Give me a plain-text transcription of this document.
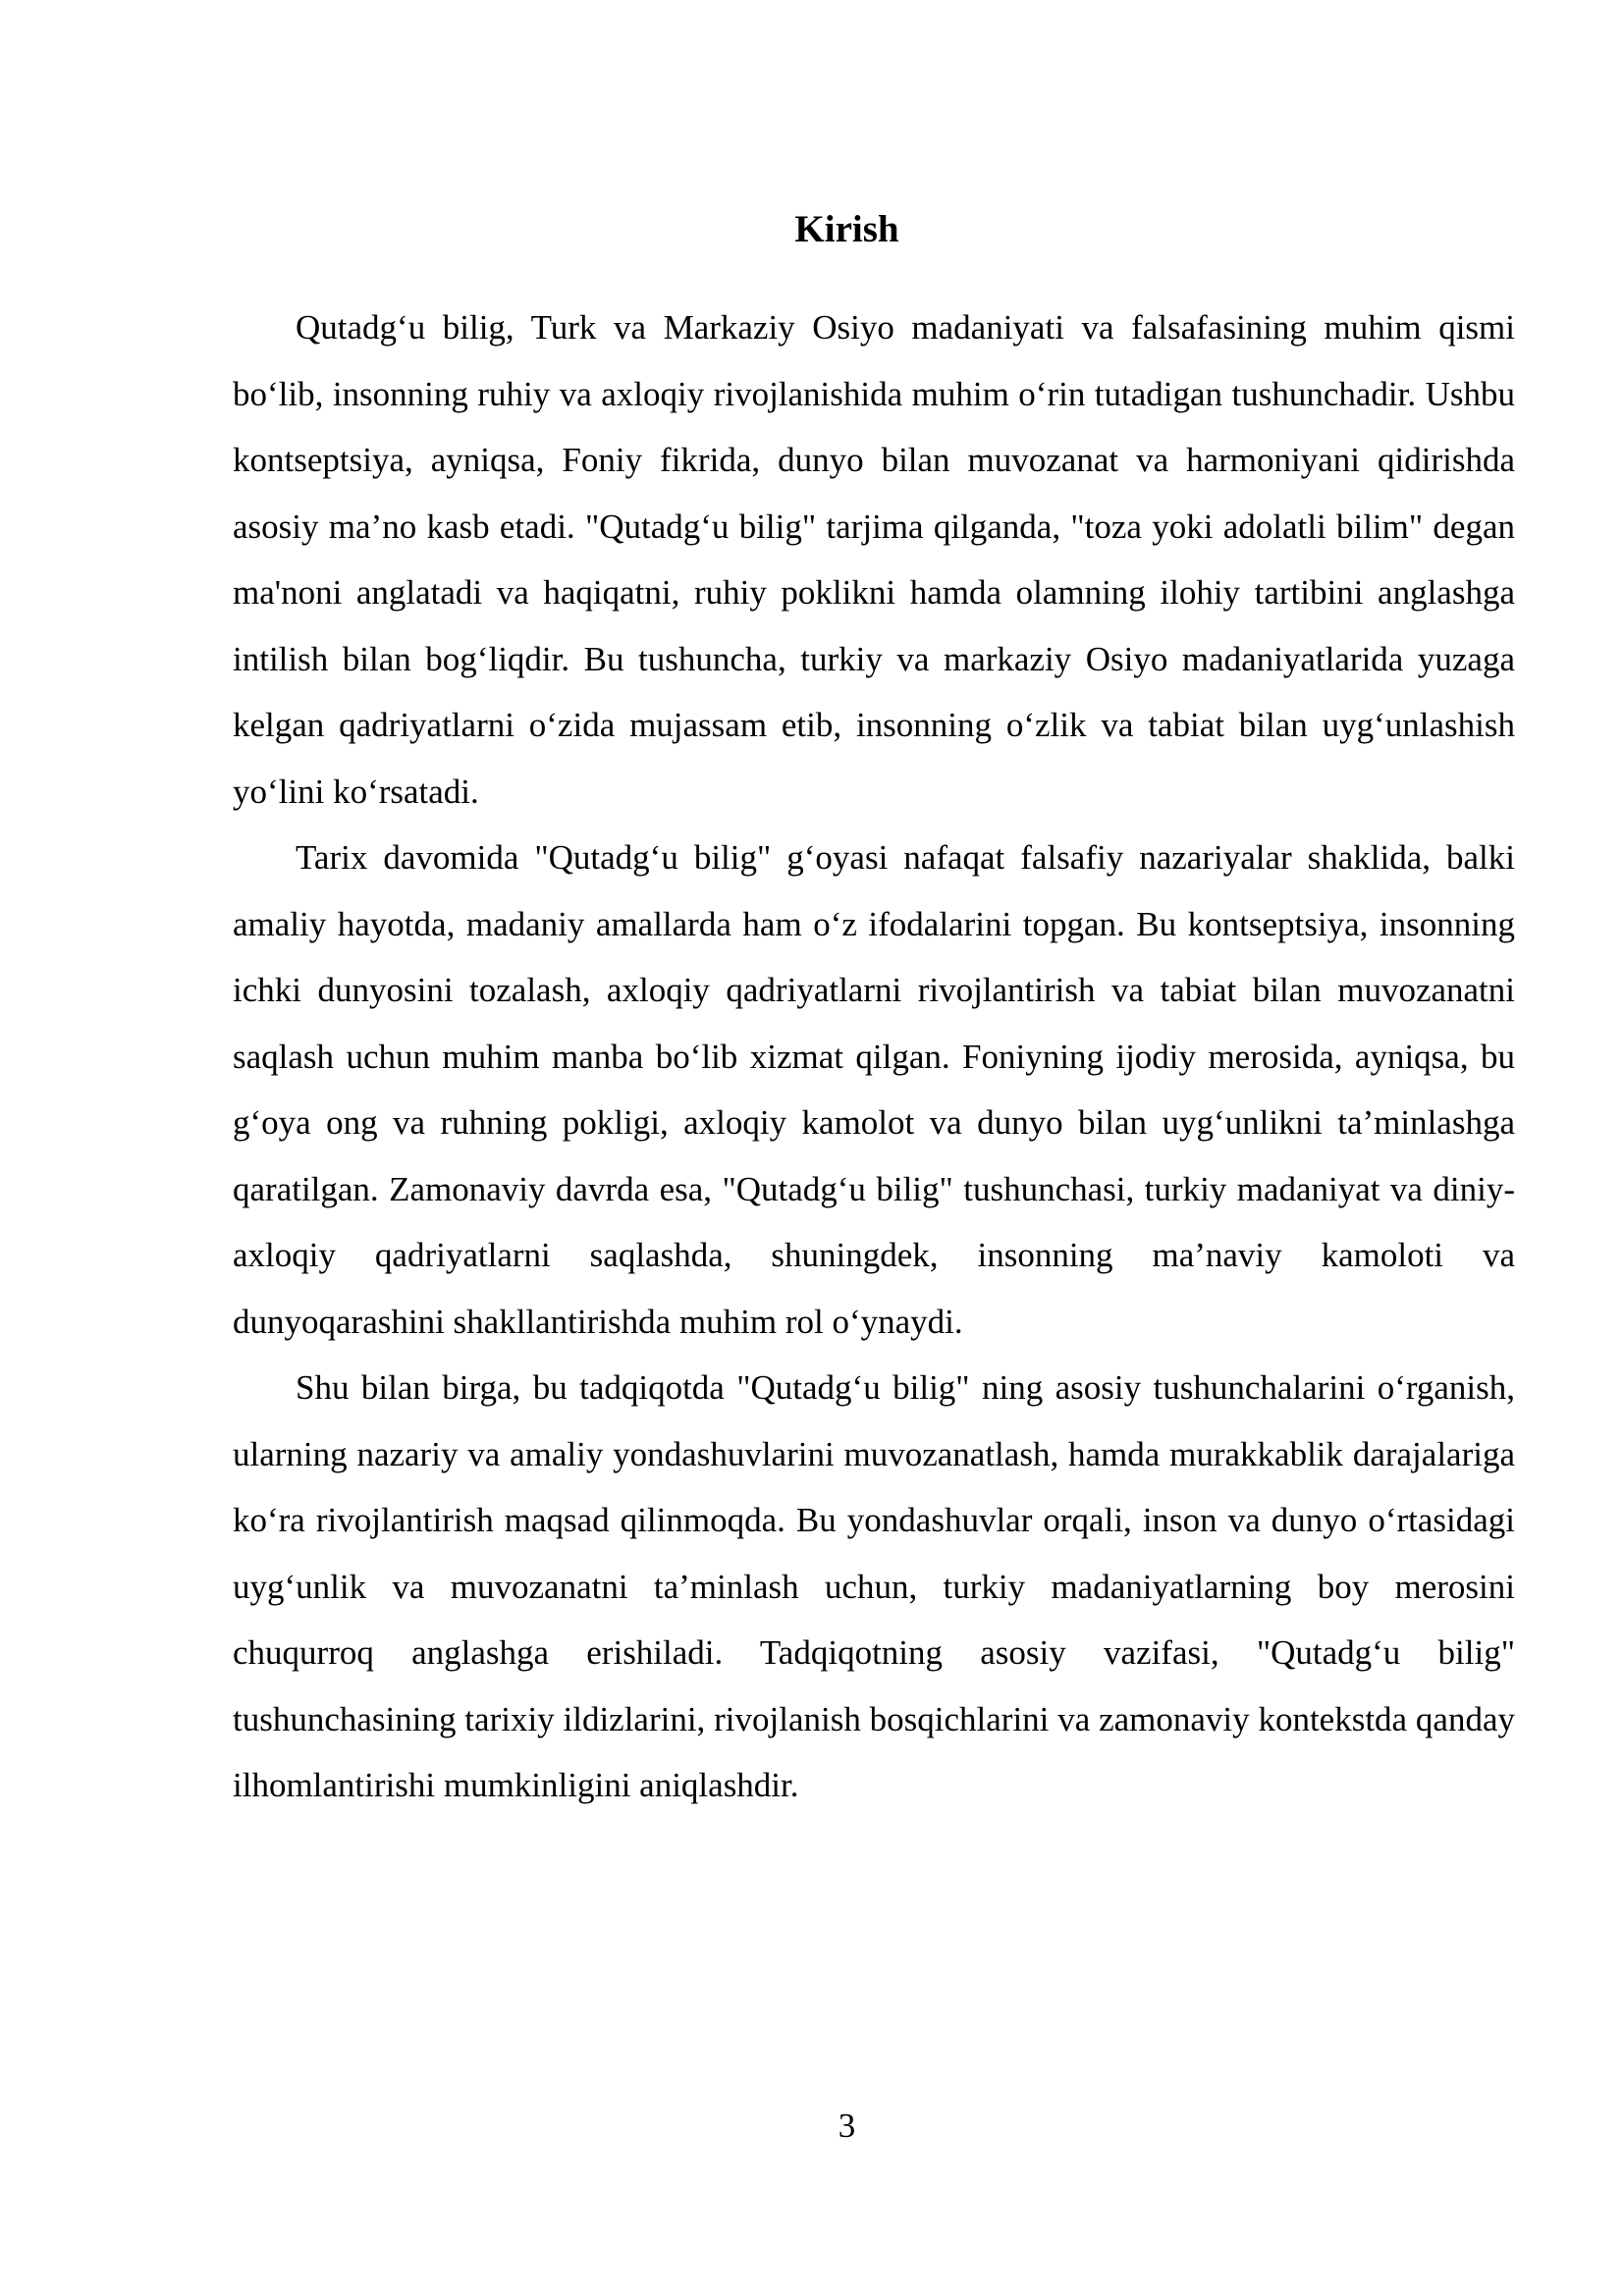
Kirish

Qutadg‘u bilig, Turk va Markaziy Osiyo madaniyati va falsafasining muhim qismi bo‘lib, insonning ruhiy va axloqiy rivojlanishida muhim o‘rin tutadigan tushunchadir. Ushbu kontseptsiya, ayniqsa, Foniy fikrida, dunyo bilan muvozanat va harmoniyani qidirishda asosiy ma’no kasb etadi. "Qutadg‘u bilig" tarjima qilganda, "toza yoki adolatli bilim" degan ma'noni anglatadi va haqiqatni, ruhiy poklikni hamda olamning ilohiy tartibini anglashga intilish bilan bog‘liqdir. Bu tushuncha, turkiy va markaziy Osiyo madaniyatlarida yuzaga kelgan qadriyatlarni o‘zida mujassam etib, insonning o‘zlik va tabiat bilan uyg‘unlashish yo‘lini ko‘rsatadi.

Tarix davomida "Qutadg‘u bilig" g‘oyasi nafaqat falsafiy nazariyalar shaklida, balki amaliy hayotda, madaniy amallarda ham o‘z ifodalarini topgan. Bu kontseptsiya, insonning ichki dunyosini tozalash, axloqiy qadriyatlarni rivojlantirish va tabiat bilan muvozanatni saqlash uchun muhim manba bo‘lib xizmat qilgan. Foniyning ijodiy merosida, ayniqsa, bu g‘oya ong va ruhning pokligi, axloqiy kamolot va dunyo bilan uyg‘unlikni ta’minlashga qaratilgan. Zamonaviy davrda esa, "Qutadg‘u bilig" tushunchasi, turkiy madaniyat va diniy-axloqiy qadriyatlarni saqlashda, shuningdek, insonning ma’naviy kamoloti va dunyoqarashini shakllantirishda muhim rol o‘ynaydi.

Shu bilan birga, bu tadqiqotda "Qutadg‘u bilig" ning asosiy tushunchalarini o‘rganish, ularning nazariy va amaliy yondashuvlarini muvozanatlash, hamda murakkablik darajalariga ko‘ra rivojlantirish maqsad qilinmoqda. Bu yondashuvlar orqali, inson va dunyo o‘rtasidagi uyg‘unlik va muvozanatni ta’minlash uchun, turkiy madaniyatlarning boy merosini chuqurroq anglashga erishiladi. Tadqiqotning asosiy vazifasi, "Qutadg‘u bilig" tushunchasining tarixiy ildizlarini, rivojlanish bosqichlarini va zamonaviy kontekstda qanday ilhomlantirishi mumkinligini aniqlashdir.

3
